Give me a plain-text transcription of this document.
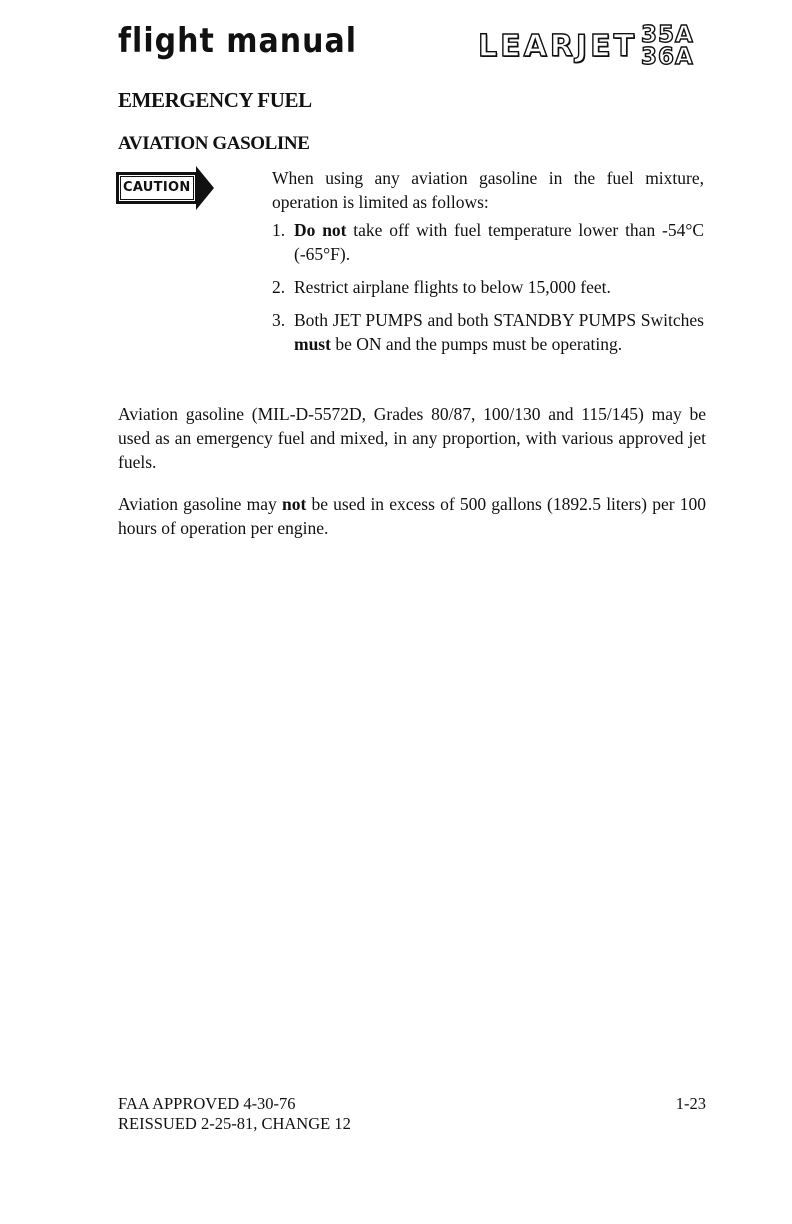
flight manual	LEARJET 35A
36A
EMERGENCY FUEL
AVIATION GASOLINE
CAUTION	When using any aviation gasoline in the fuel mixture, operation is limited as follows:
1. Do not take off with fuel temperature lower than -54°C (-65°F).
2. Restrict airplane flights to below 15,000 feet.
3. Both JET PUMPS and both STANDBY PUMPS Switches must be ON and the pumps must be operating.
Aviation gasoline (MIL-D-5572D, Grades 80/87, 100/130 and 115/145) may be used as an emergency fuel and mixed, in any proportion, with various approved jet fuels.
Aviation gasoline may not be used in excess of 500 gallons (1892.5 liters) per 100 hours of operation per engine.
FAA APPROVED 4-30-76
REISSUED 2-25-81, CHANGE 12
1-23
